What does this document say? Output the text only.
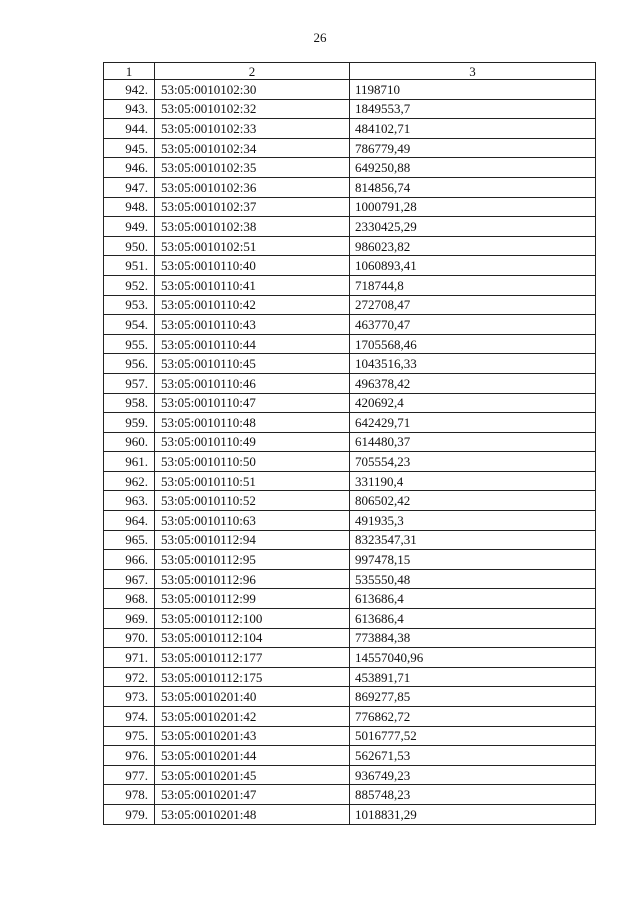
26
1	2	3
942.	53:05:0010102:30	1198710
943.	53:05:0010102:32	1849553,7
944.	53:05:0010102:33	484102,71
945.	53:05:0010102:34	786779,49
946.	53:05:0010102:35	649250,88
947.	53:05:0010102:36	814856,74
948.	53:05:0010102:37	1000791,28
949.	53:05:0010102:38	2330425,29
950.	53:05:0010102:51	986023,82
951.	53:05:0010110:40	1060893,41
952.	53:05:0010110:41	718744,8
953.	53:05:0010110:42	272708,47
954.	53:05:0010110:43	463770,47
955.	53:05:0010110:44	1705568,46
956.	53:05:0010110:45	1043516,33
957.	53:05:0010110:46	496378,42
958.	53:05:0010110:47	420692,4
959.	53:05:0010110:48	642429,71
960.	53:05:0010110:49	614480,37
961.	53:05:0010110:50	705554,23
962.	53:05:0010110:51	331190,4
963.	53:05:0010110:52	806502,42
964.	53:05:0010110:63	491935,3
965.	53:05:0010112:94	8323547,31
966.	53:05:0010112:95	997478,15
967.	53:05:0010112:96	535550,48
968.	53:05:0010112:99	613686,4
969.	53:05:0010112:100	613686,4
970.	53:05:0010112:104	773884,38
971.	53:05:0010112:177	14557040,96
972.	53:05:0010112:175	453891,71
973.	53:05:0010201:40	869277,85
974.	53:05:0010201:42	776862,72
975.	53:05:0010201:43	5016777,52
976.	53:05:0010201:44	562671,53
977.	53:05:0010201:45	936749,23
978.	53:05:0010201:47	885748,23
979.	53:05:0010201:48	1018831,29
